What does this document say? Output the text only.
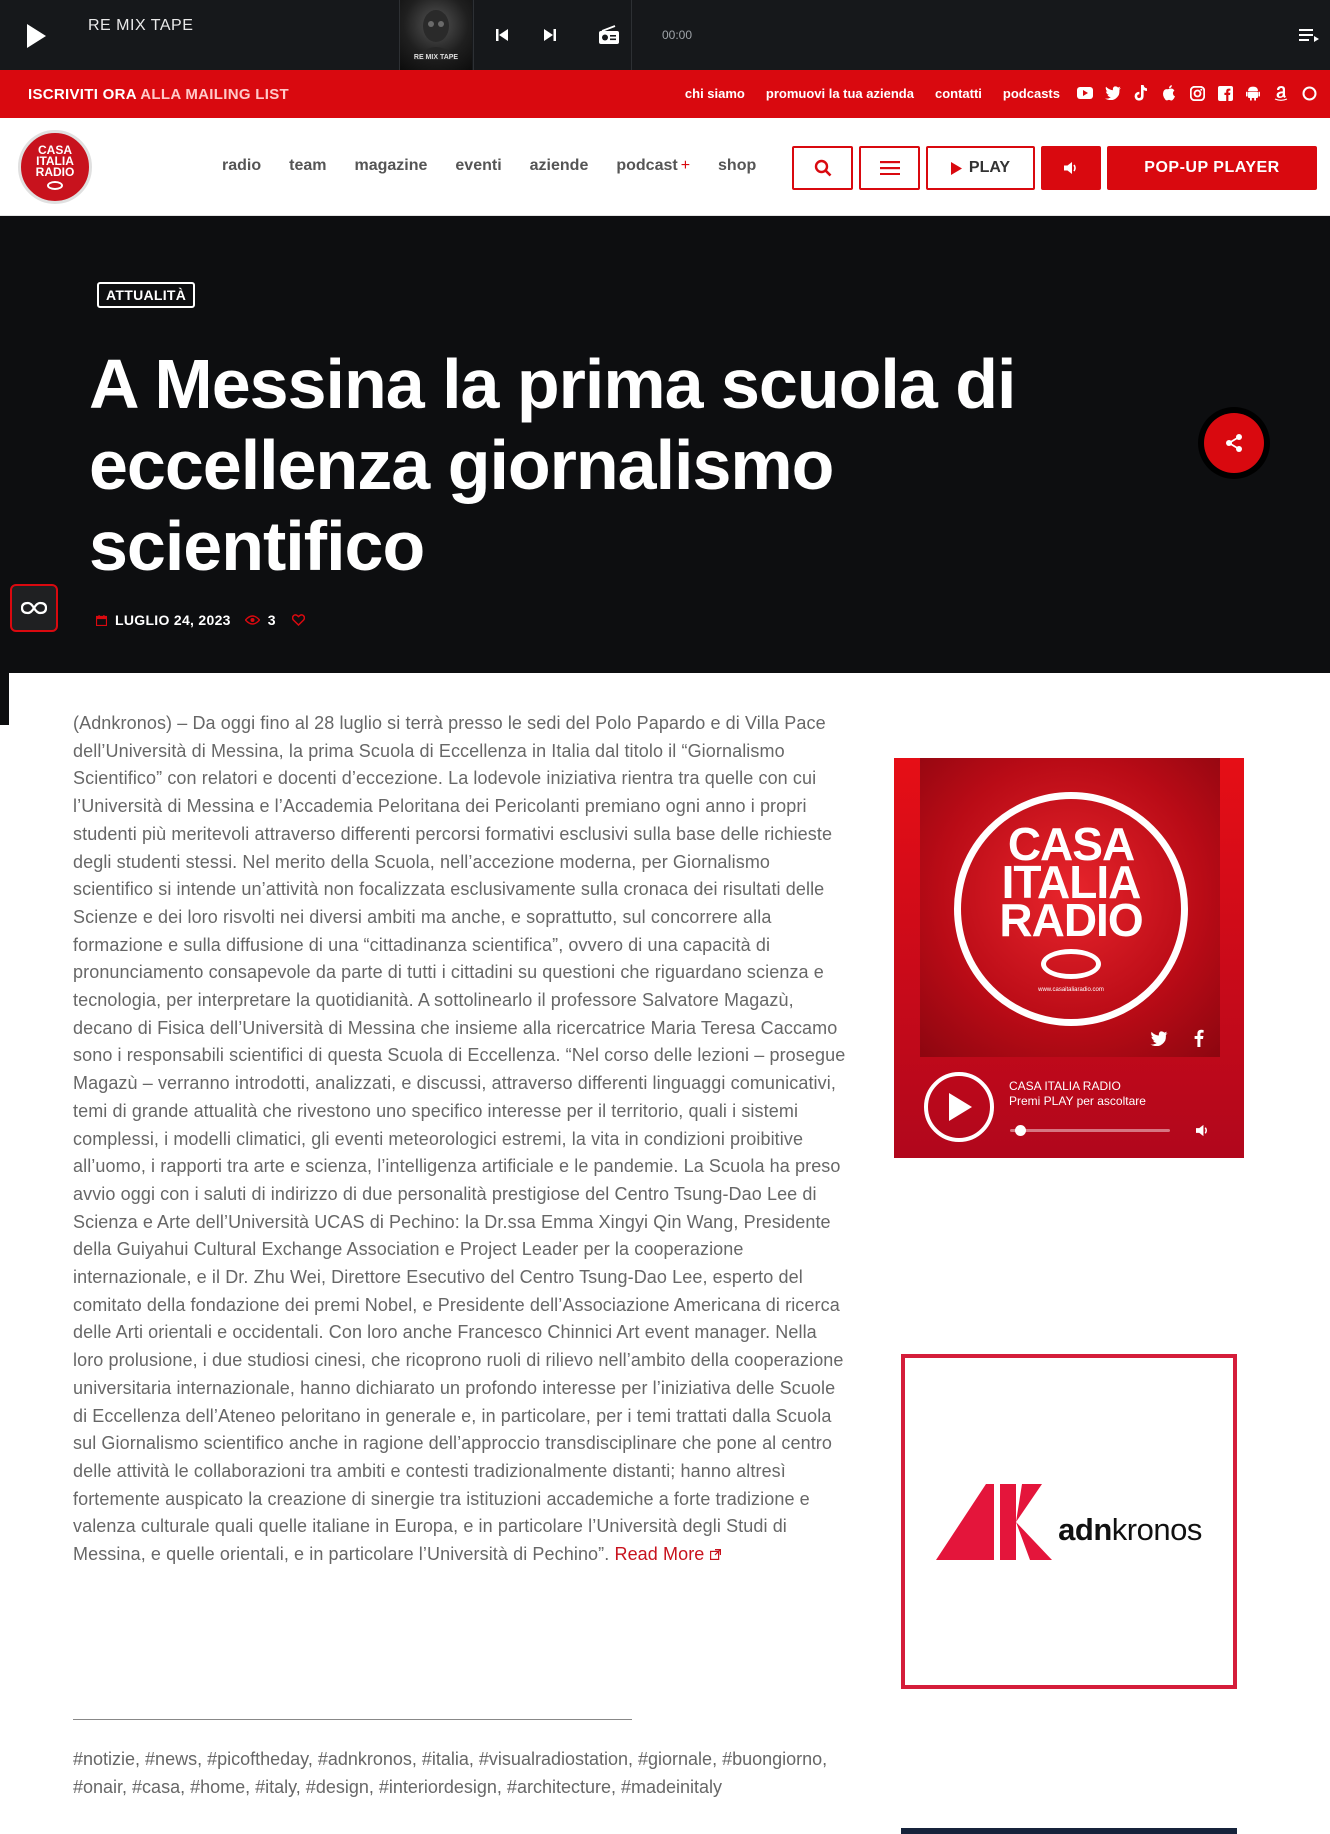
RE MIX TAPE
RE MIX TAPE
00:00
ISCRIVITI ORA ALLA MAILING LIST	chi siamo promuovi la tua azienda contatti podcasts
CASA
ITALIA
RADIO	radio team magazine eventi aziende podcast + shop	PLAY	POP-UP PLAYER
ATTUALITÀ
A Messina la prima scuola di eccellenza giornalismo scientifico
LUGLIO 24, 2023	3
(Adnkronos) – Da oggi fino al 28 luglio si terrà presso le sedi del Polo Papardo e di Villa Pace dell’Università di Messina, la prima Scuola di Eccellenza in Italia dal titolo il “Giornalismo Scientifico” con relatori e docenti d’eccezione. La lodevole iniziativa rientra tra quelle con cui l’Università di Messina e l’Accademia Peloritana dei Pericolanti premiano ogni anno i propri studenti più meritevoli attraverso differenti percorsi formativi esclusivi sulla base delle richieste degli studenti stessi. Nel merito della Scuola, nell’accezione moderna, per Giornalismo scientifico si intende un’attività non focalizzata esclusivamente sulla cronaca dei risultati delle Scienze e dei loro risvolti nei diversi ambiti ma anche, e soprattutto, sul concorrere alla formazione e sulla diffusione di una “cittadinanza scientifica”, ovvero di una capacità di pronunciamento consapevole da parte di tutti i cittadini su questioni che riguardano scienza e tecnologia, per interpretare la quotidianità. A sottolinearlo il professore Salvatore Magazù, decano di Fisica dell’Università di Messina che insieme alla ricercatrice Maria Teresa Caccamo sono i responsabili scientifici di questa Scuola di Eccellenza. “Nel corso delle lezioni – prosegue Magazù – verranno introdotti, analizzati, e discussi, attraverso differenti linguaggi comunicativi, temi di grande attualità che rivestono uno specifico interesse per il territorio, quali i sistemi complessi, i modelli climatici, gli eventi meteorologici estremi, la vita in condizioni proibitive all’uomo, i rapporti tra arte e scienza, l’intelligenza artificiale e le pandemie. La Scuola ha preso avvio oggi con i saluti di indirizzo di due personalità prestigiose del Centro Tsung-Dao Lee di Scienza e Arte dell’Università UCAS di Pechino: la Dr.ssa Emma Xingyi Qin Wang, Presidente della Guiyahui Cultural Exchange Association e Project Leader per la cooperazione internazionale, e il Dr. Zhu Wei, Direttore Esecutivo del Centro Tsung-Dao Lee, esperto del comitato della fondazione dei premi Nobel, e Presidente dell’Associazione Americana di ricerca delle Arti orientali e occidentali. Con loro anche Francesco Chinnici Art event manager. Nella loro prolusione, i due studiosi cinesi, che ricoprono ruoli di rilievo nell’ambito della cooperazione universitaria internazionale, hanno dichiarato un profondo interesse per l’iniziativa delle Scuole di Eccellenza dell’Ateneo peloritano in generale e, in particolare, per i temi trattati dalla Scuola sul Giornalismo scientifico anche in ragione dell’approccio transdisciplinare che pone al centro delle attività le collaborazioni tra ambiti e contesti tradizionalmente distanti; hanno altresì fortemente auspicato la creazione di sinergie tra istituzioni accademiche a forte tradizione e valenza culturale quali quelle italiane in Europa, e in particolare l’Università degli Studi di Messina, e quelle orientali, e in particolare l’Università di Pechino”. Read More
#notizie, #news, #picoftheday, #adnkronos, #italia, #visualradiostation, #giornale, #buongiorno, #onair, #casa, #home, #italy, #design, #interiordesign, #architecture, #madeinitaly
CASA
ITALIA
RADIO
www.casaitaliaradio.com
CASA ITALIA RADIO
Premi PLAY per ascoltare
adnkronos
